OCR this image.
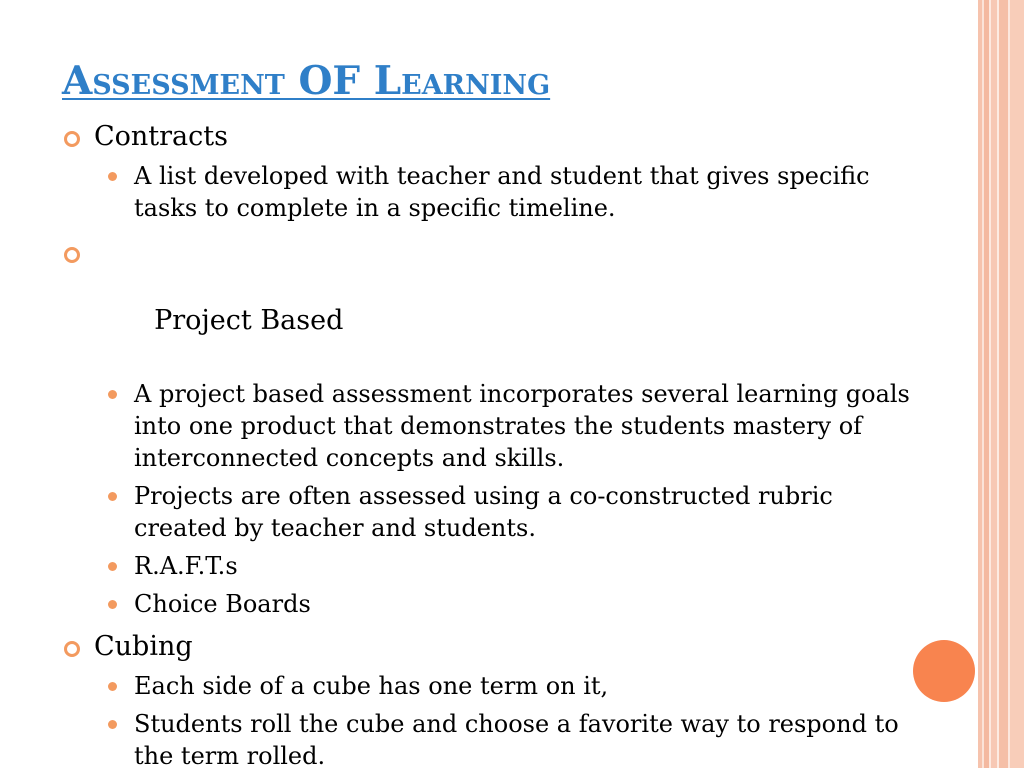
Assessment OF Learning
Contracts
A list developed with teacher and student that gives specific tasks to complete in a specific timeline.

Project Based

A project based assessment incorporates several learning goals into one product that demonstrates the students mastery of interconnected concepts and skills.
Projects are often assessed using a co-constructed rubric created by teacher and students.
R.A.F.T.s
Choice Boards
Cubing
Each side of a cube has one term on it,
Students roll the cube and choose a favorite way to respond to the term rolled.
